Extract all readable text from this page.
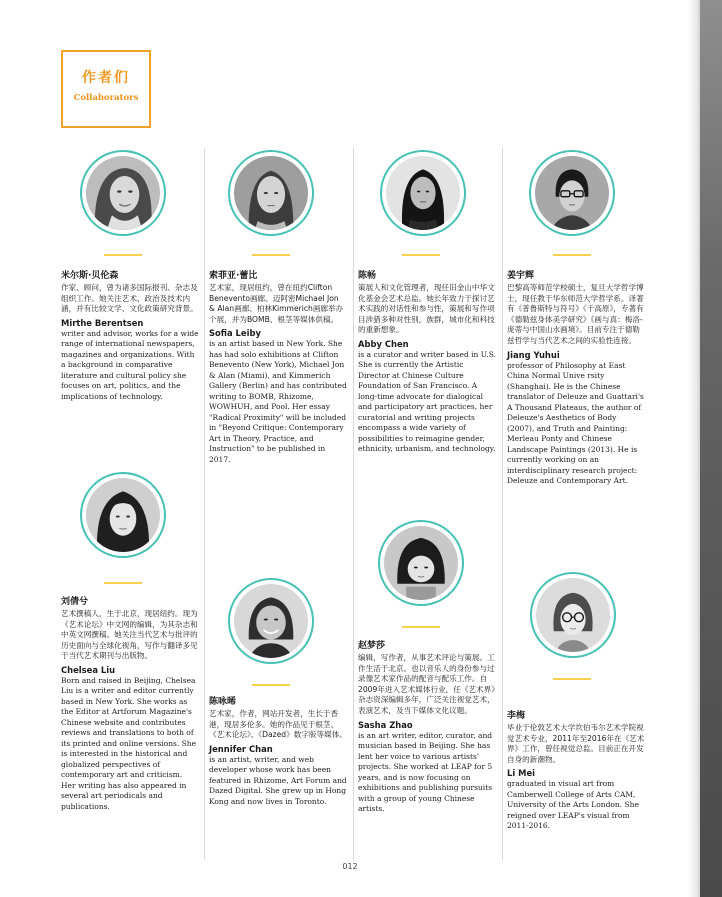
作者们
Collaborators
米尔斯·贝伦森
作家、顾问，曾为诸多国际报刊、杂志及组织工作。她关注艺术、政治及技术内涵，并有比较文学、文化政策研究背景。
Mirthe Berentsen
writer and advisor, works for a wide range of international newspapers, magazines and organizations. With a background in comparative literature and cultural policy she focuses on art, politics, and the implications of technology.
刘倩兮
艺术撰稿人，生于北京，现居纽约。现为《艺术论坛》中文网的编辑，为其杂志和中英文网撰稿。她关注当代艺术与批评的历史面向与全球化视角，写作与翻译多见于当代艺术期刊与出版物。
Chelsea Liu
Born and raised in Beijing, Chelsea Liu is a writer and editor currently based in New York. She works as the Editor at Artforum Magazine's Chinese website and contributes reviews and translations to both of its printed and online versions. She is interested in the historical and globalized perspectives of contemporary art and criticism. Her writing has also appeared in several art periodicals and publications.
索菲亚·蕾比
艺术家，现居纽约，曾在纽约Clifton Benevento画廊、迈阿密Michael Jon & Alan画廊、柏林Kimmerich画廊举办个展，并为BOMB、根茎等媒体供稿。
Sofia Leiby
is an artist based in New York. She has had solo exhibitions at Clifton Benevento (New York), Michael Jon & Alan (Miami), and Kimmerich Gallery (Berlin) and has contributed writing to BOMB, Rhizome, WOWHUH, and Pool. Her essay "Radical Proximity" will be included in "Beyond Critique: Contemporary Art in Theory, Practice, and Instruction" to be published in 2017.
陈咏晞
艺术家，作者，网站开发者，生长于香港，现居多伦多。她的作品见于根茎、《艺术论坛》、《Dazed》数字版等媒体。
Jennifer Chan
is an artist, writer, and web developer whose work has been featured in Rhizome, Art Forum and Dazed Digital. She grew up in Hong Kong and now lives in Toronto.
陈畅
策展人和文化管理者，现任旧金山中华文化基金会艺术总监。她长年致力于探讨艺术实践的对话性和参与性，策展和写作项目涉猎多种对性别，族群，城市化和科技的重新想象。
Abby Chen
is a curator and writer based in U.S. She is currently the Artistic Director at Chinese Culture Foundation of San Francisco. A long-time advocate for dialogical and participatory art practices, her curatorial and writing projects encompass a wide variety of possibilities to reimagine gender, ethnicity, urbanism, and technology.
赵梦莎
编辑，写作者，从事艺术评论与策展。工作生活于北京。也以音乐人的身份参与过录像艺术家作品的配音与配乐工作。自2009年进入艺术媒体行业，任《艺术界》杂志资深编辑多年，广泛关注视觉艺术，表演艺术，及当下媒体文化议题。
Sasha Zhao
is an art writer, editor, curator, and musician based in Beijing. She has lent her voice to various artists' projects. She worked at LEAP for 5 years, and is now focusing on exhibitions and publishing pursuits with a group of young Chinese artists.
姜宇辉
巴黎高等师范学校硕士，复旦大学哲学博士，现任教于华东师范大学哲学系。译著有《普鲁斯特与符号》《千高原》，专著有《德勒兹身体美学研究》《画与真：梅洛-庞蒂与中国山水画境》。目前专注于德勒兹哲学与当代艺术之间的实验性连接。
Jiang Yuhui
professor of Philosophy at East China Normal Unive rsity (Shanghai). He is the Chinese translator of Deleuze and Guattari's A Thousand Plateaus, the author of Deleuze's Aesthetics of Body (2007), and Truth and Painting: Merleau Ponty and Chinese Landscape Paintings (2013). He is currently working on an interdisciplinary research project: Deleuze and Contemporary Art.
李梅
毕业于伦敦艺术大学坎伯韦尔艺术学院视觉艺术专业，2011年至2016年在《艺术界》工作，曾任视觉总监。目前正在开发自身的新潮物。
Li Mei
graduated in visual art from Camberwell College of Arts CAM, University of the Arts London. She reigned over LEAP's visual from 2011-2016.
012
